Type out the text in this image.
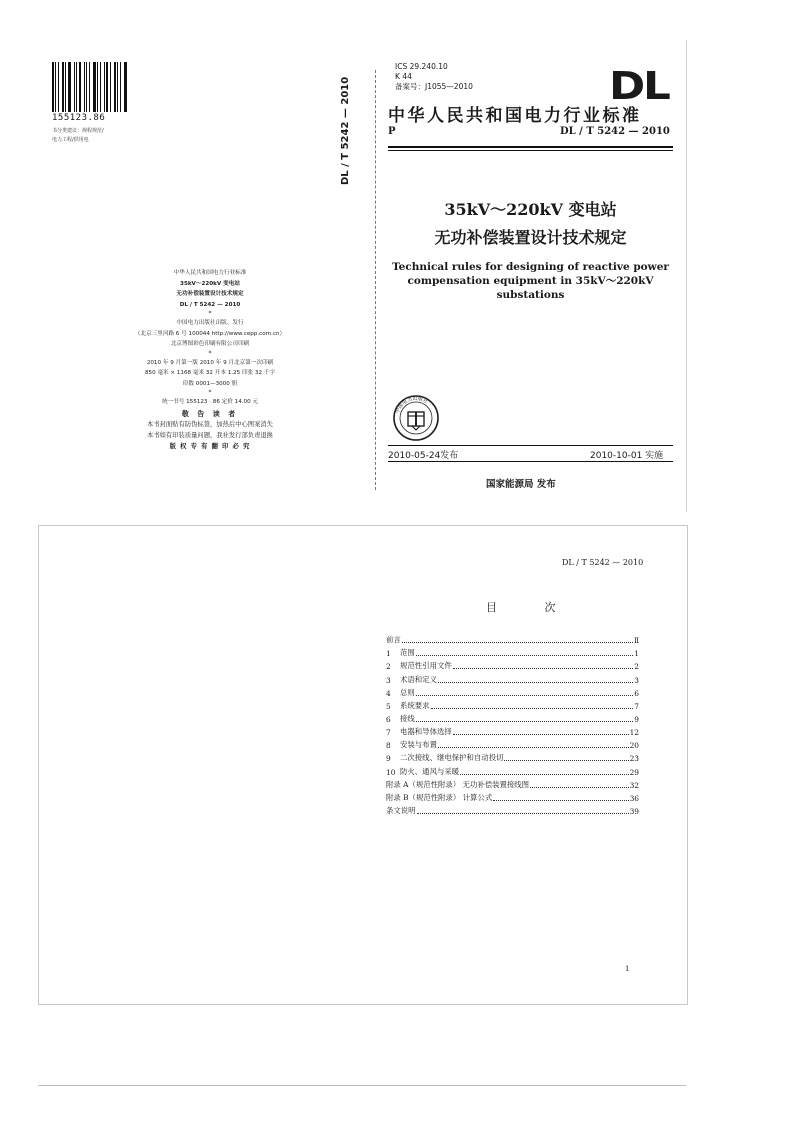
155123.86
书分类建议：规程规范/
电力工程/供用电	DL / T 5242 — 2010
中华人民共和国电力行业标准
35kV～220kV 变电站
无功补偿装置设计技术规定
DL / T 5242 — 2010
*
中国电力出版社出版、发行
（北京三里河路 6 号 100044 http://www.cepp.com.cn）
北京博图彩色印刷有限公司印刷
*
2010 年 9 月第一版 2010 年 9 月北京第一次印刷
850 毫米 × 1168 毫米 32 开本 1.25 印张 32 千字
印数 0001—3000 册
*
统一书号 155123 · 86 定价 14.00 元
敬 告 读 者
本书封面贴有防伪标签，加热后中心图案消失
本书如有印装质量问题，我社发行部负责退换
版 权 专 有 翻 印 必 究
ICS 29.240.10
K 44
备案号：J1055—2010	DL
中华人民共和国电力行业标准
P	DL / T 5242 — 2010
35kV～220kV 变电站
无功补偿装置设计技术规定
Technical rules for designing of reactive power
compensation equipment in 35kV～220kV substations
中国电力出版社
2010-05-24发布	2010-10-01 实施
国家能源局 发布
DL / T 5242 — 2010
目 次
前言	Ⅱ
1	范围	1
2	规范性引用文件	2
3	术语和定义	3
4	总则	6
5	系统要求	7
6	接线	9
7	电器和导体选择	12
8	安装与布置	20
9	二次接线、继电保护和自动投切	23
10 防火、通风与采暖	29
附录 A（规范性附录） 无功补偿装置接线图	32
附录 B（规范性附录） 计算公式	36
条文说明	39
1
